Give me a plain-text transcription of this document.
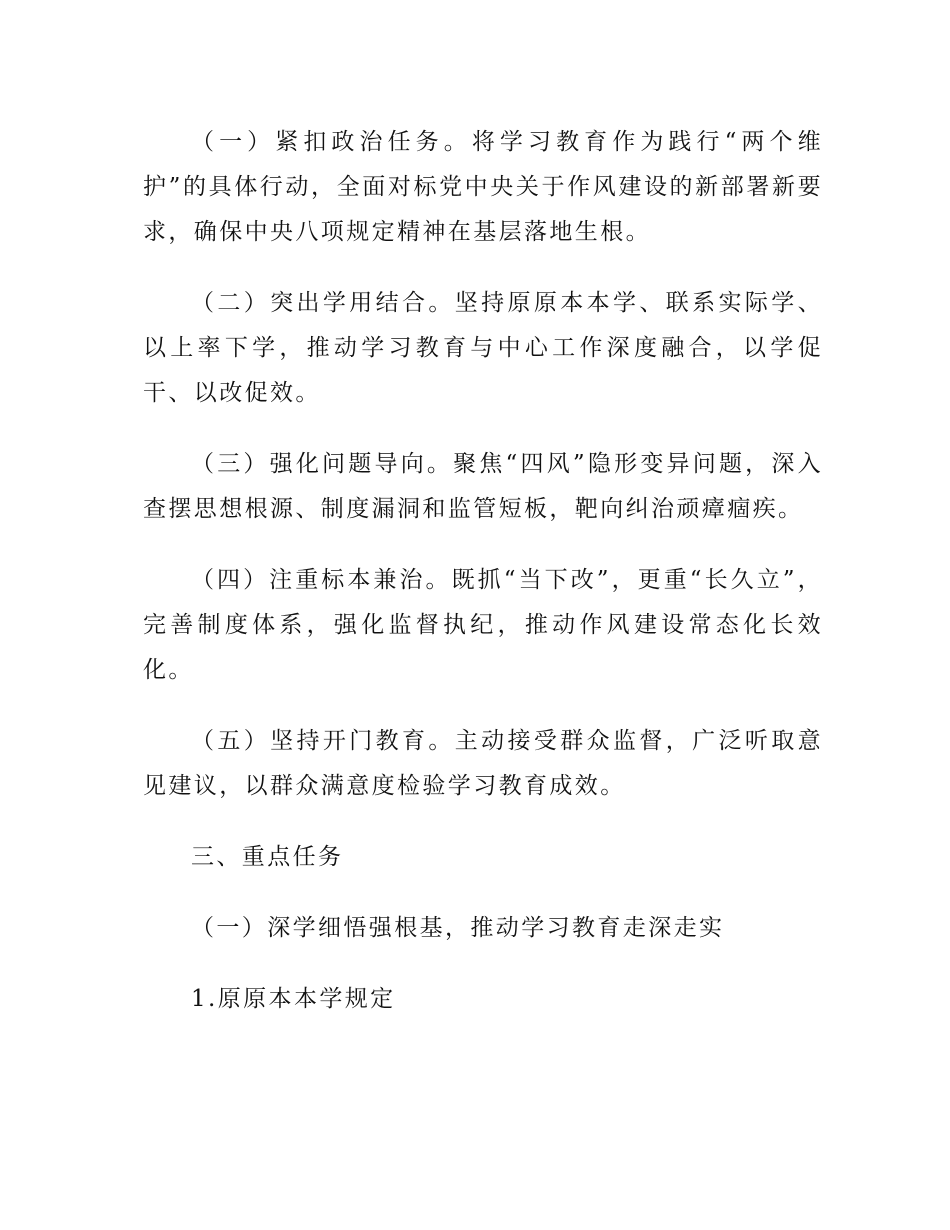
（一）紧扣政治任务。将学习教育作为践行“两个维护”的具体行动，全面对标党中央关于作风建设的新部署新要求，确保中央八项规定精神在基层落地生根。

（二）突出学用结合。坚持原原本本学、联系实际学、以上率下学，推动学习教育与中心工作深度融合，以学促干、以改促效。

（三）强化问题导向。聚焦“四风”隐形变异问题，深入查摆思想根源、制度漏洞和监管短板，靶向纠治顽瘴痼疾。

（四）注重标本兼治。既抓“当下改”，更重“长久立”，完善制度体系，强化监督执纪，推动作风建设常态化长效化。

（五）坚持开门教育。主动接受群众监督，广泛听取意见建议，以群众满意度检验学习教育成效。

三、重点任务

（一）深学细悟强根基，推动学习教育走深走实

1.原原本本学规定
